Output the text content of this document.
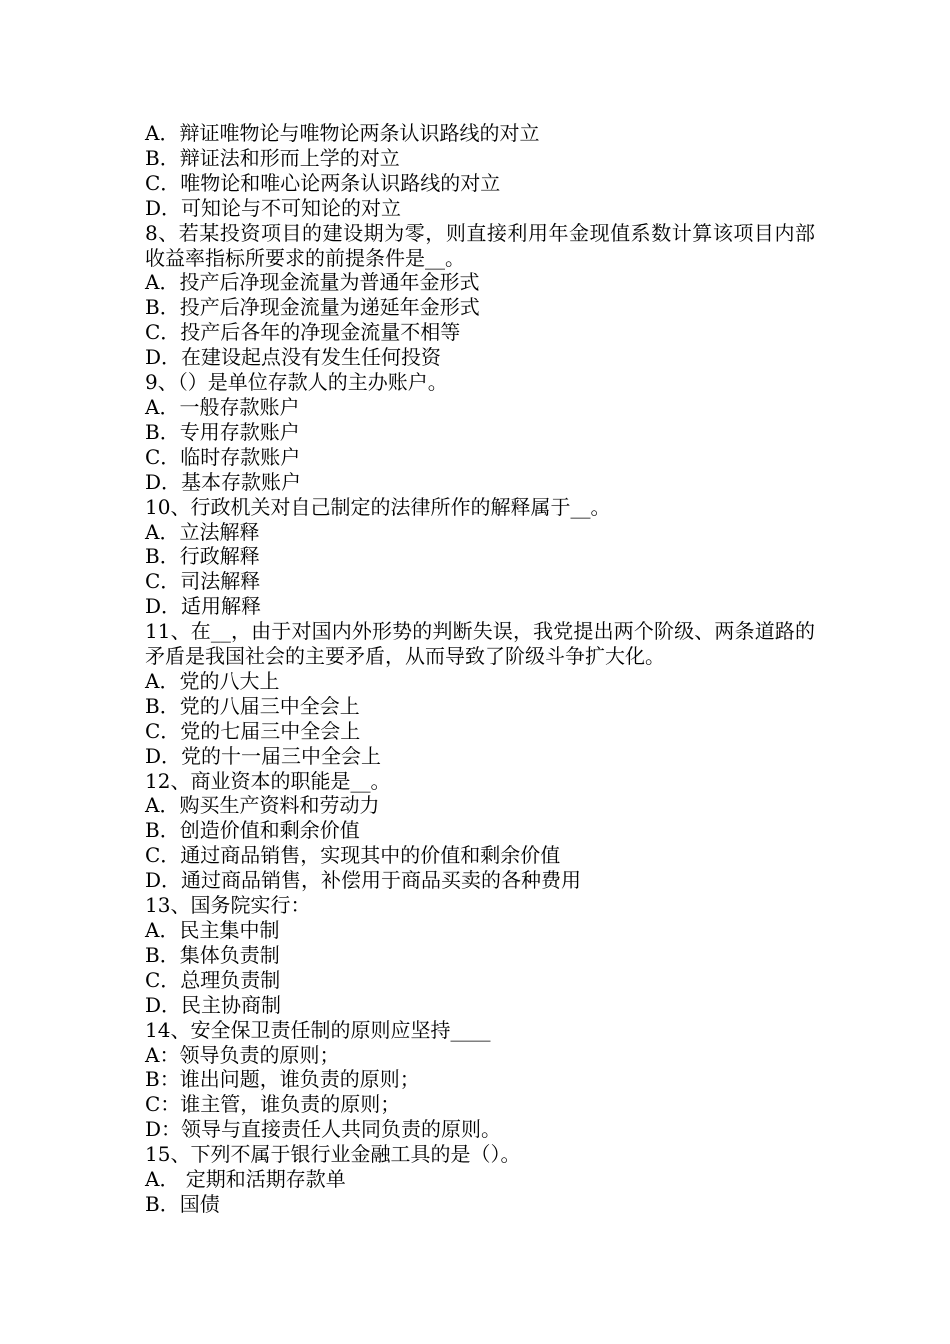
A．辩证唯物论与唯物论两条认识路线的对立

B．辩证法和形而上学的对立

C．唯物论和唯心论两条认识路线的对立

D．可知论与不可知论的对立

8、若某投资项目的建设期为零，则直接利用年金现值系数计算该项目内部收益率指标所要求的前提条件是__。

A．投产后净现金流量为普通年金形式

B．投产后净现金流量为递延年金形式

C．投产后各年的净现金流量不相等

D．在建设起点没有发生任何投资

9、（）是单位存款人的主办账户。

A．一般存款账户

B．专用存款账户

C．临时存款账户

D．基本存款账户

10、行政机关对自己制定的法律所作的解释属于__。

A．立法解释

B．行政解释

C．司法解释

D．适用解释

11、在__，由于对国内外形势的判断失误，我党提出两个阶级、两条道路的矛盾是我国社会的主要矛盾，从而导致了阶级斗争扩大化。

A．党的八大上

B．党的八届三中全会上

C．党的七届三中全会上

D．党的十一届三中全会上

12、商业资本的职能是__。

A．购买生产资料和劳动力

B．创造价值和剩余价值

C．通过商品销售，实现其中的价值和剩余价值

D．通过商品销售，补偿用于商品买卖的各种费用

13、国务院实行：

A．民主集中制

B．集体负责制

C．总理负责制

D．民主协商制

14、安全保卫责任制的原则应坚持____

A：领导负责的原则；

B：谁出问题，谁负责的原则；

C：谁主管，谁负责的原则；

D：领导与直接责任人共同负责的原则。

15、下列不属于银行业金融工具的是（）。

A． 定期和活期存款单

B．国债
